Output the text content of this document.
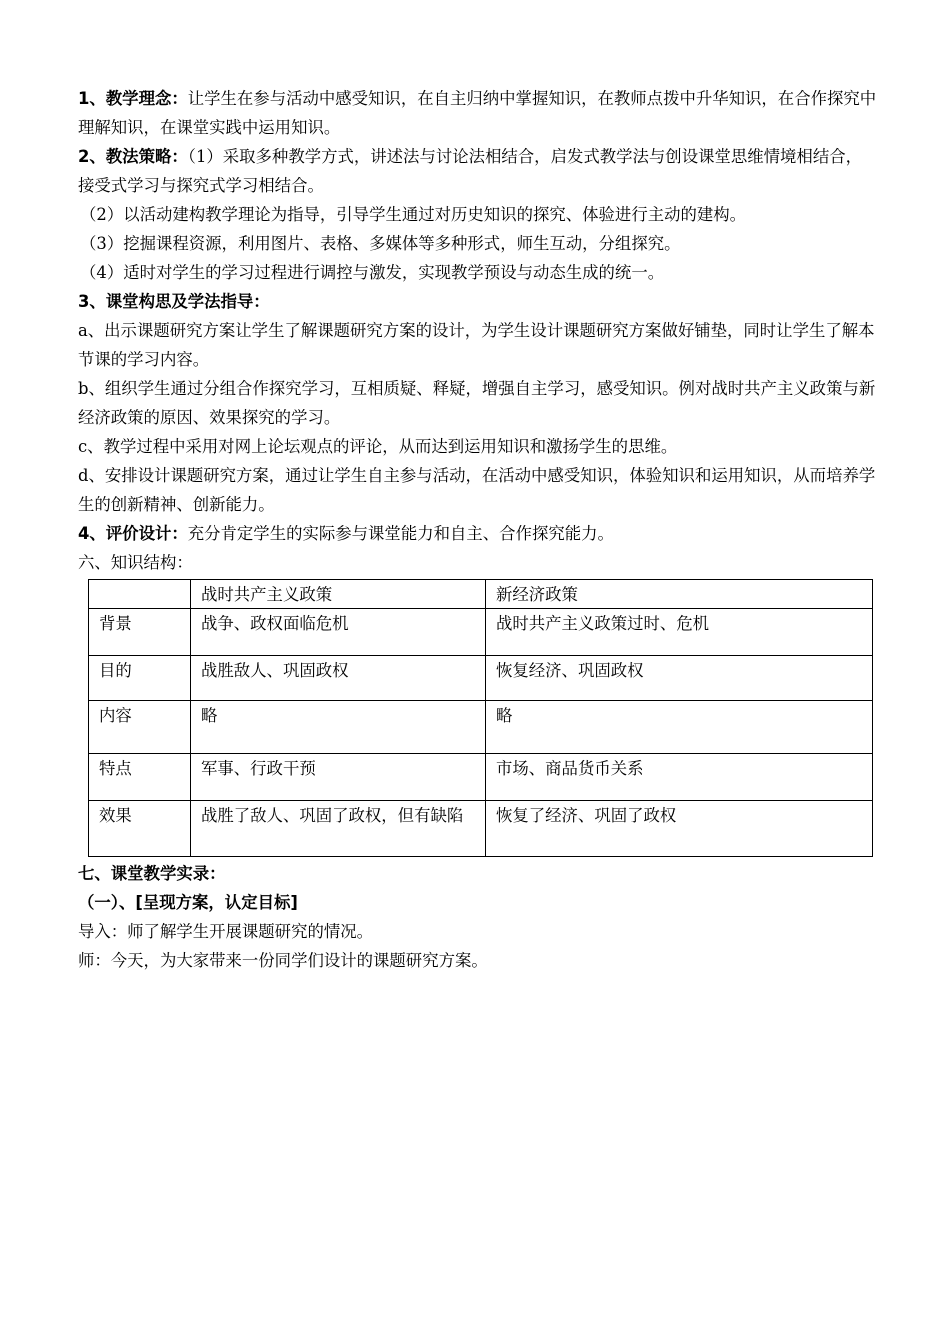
1、教学理念：让学生在参与活动中感受知识，在自主归纳中掌握知识，在教师点拨中升华知识，在合作探究中理解知识，在课堂实践中运用知识。

2、教法策略：（1）采取多种教学方式，讲述法与讨论法相结合，启发式教学法与创设课堂思维情境相结合，接受式学习与探究式学习相结合。

（2）以活动建构教学理论为指导，引导学生通过对历史知识的探究、体验进行主动的建构。

（3）挖掘课程资源，利用图片、表格、多媒体等多种形式，师生互动，分组探究。

（4）适时对学生的学习过程进行调控与激发，实现教学预设与动态生成的统一。

3、课堂构思及学法指导：

a、出示课题研究方案让学生了解课题研究方案的设计，为学生设计课题研究方案做好铺垫，同时让学生了解本节课的学习内容。

b、组织学生通过分组合作探究学习，互相质疑、释疑，增强自主学习，感受知识。例对战时共产主义政策与新经济政策的原因、效果探究的学习。

c、教学过程中采用对网上论坛观点的评论，从而达到运用知识和激扬学生的思维。

d、安排设计课题研究方案，通过让学生自主参与活动，在活动中感受知识，体验知识和运用知识，从而培养学生的创新精神、创新能力。

4、评价设计：充分肯定学生的实际参与课堂能力和自主、合作探究能力。

六、知识结构：

	战时共产主义政策	新经济政策
背景	战争、政权面临危机	战时共产主义政策过时、危机
目的	战胜敌人、巩固政权	恢复经济、巩固政权
内容	略	略
特点	军事、行政干预	市场、商品货币关系
效果	战胜了敌人、巩固了政权，但有缺陷	恢复了经济、巩固了政权

七、课堂教学实录：

（一）、[呈现方案，认定目标]

导入：师了解学生开展课题研究的情况。

师：今天，为大家带来一份同学们设计的课题研究方案。
